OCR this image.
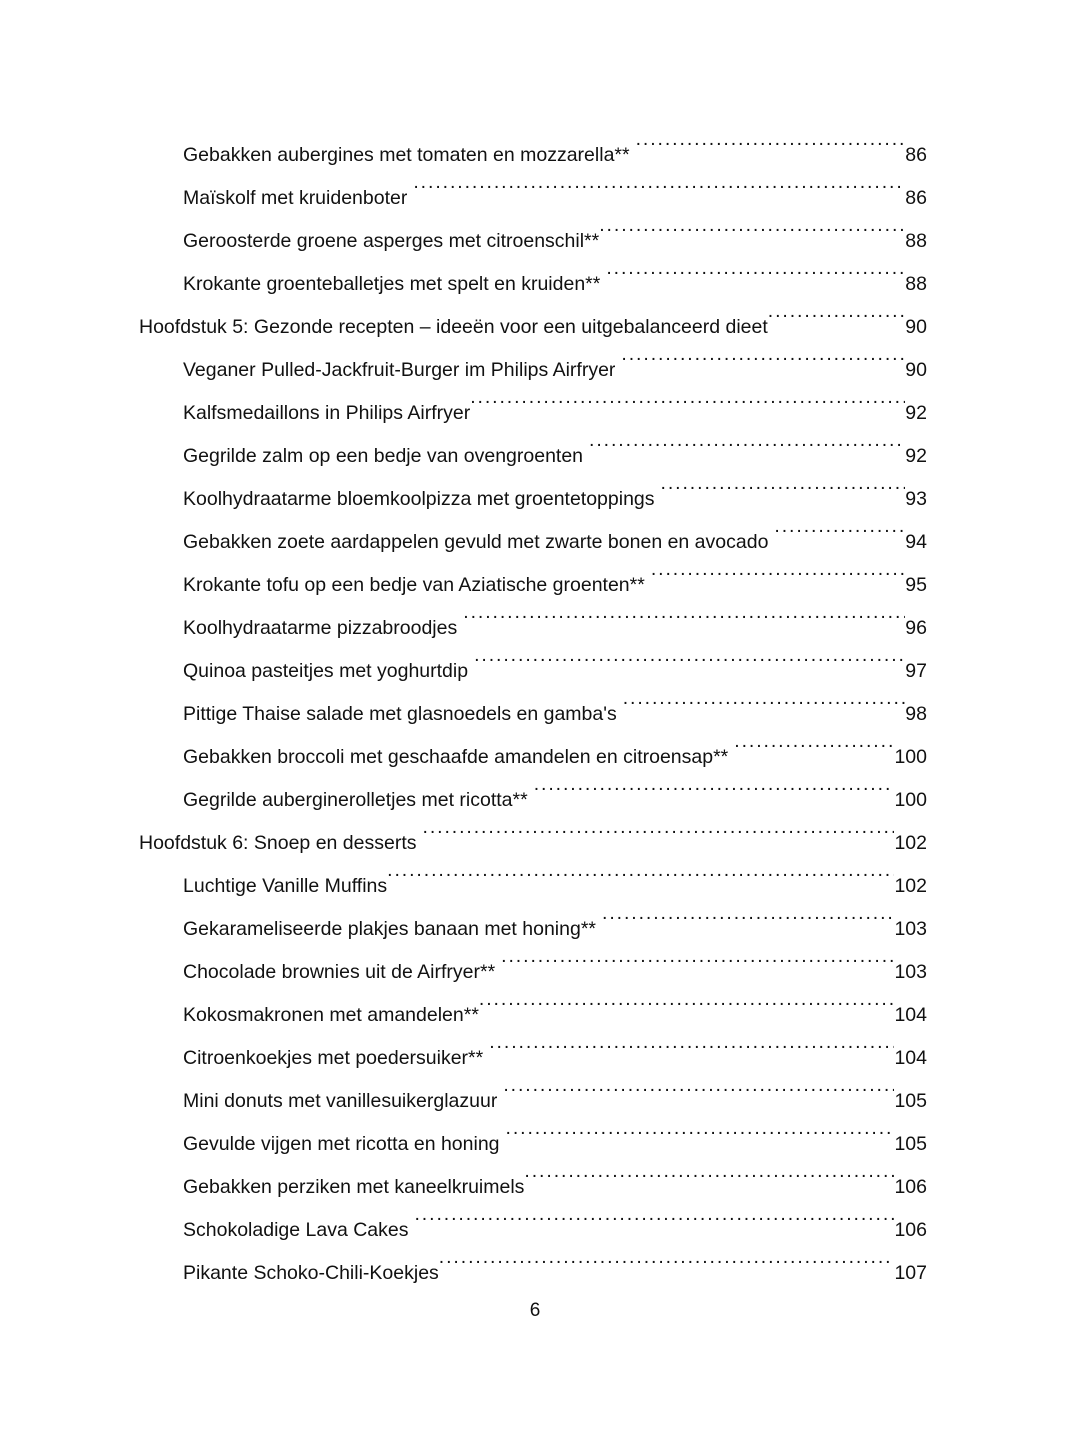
Gebakken aubergines met tomaten en mozzarella** .....	86
Maïskolf met kruidenboter .....	86
Geroosterde groene asperges met citroenschil** .....	88
Krokante groenteballetjes met spelt en kruiden** .....	88
Hoofdstuk 5: Gezonde recepten – ideeën voor een uitgebalanceerd dieet .....	90
Veganer Pulled-Jackfruit-Burger im Philips Airfryer .....	90
Kalfsmedaillons in Philips Airfryer .....	92
Gegrilde zalm op een bedje van ovengroenten .....	92
Koolhydraatarme bloemkoolpizza met groentetoppings .....	93
Gebakken zoete aardappelen gevuld met zwarte bonen en avocado .....	94
Krokante tofu op een bedje van Aziatische groenten** .....	95
Koolhydraatarme pizzabroodjes .....	96
Quinoa pasteitjes met yoghurtdip .....	97
Pittige Thaise salade met glasnoedels en gamba's .....	98
Gebakken broccoli met geschaafde amandelen en citroensap** .....	100
Gegrilde auberginerolletjes met ricotta** .....	100
Hoofdstuk 6: Snoep en desserts .....	102
Luchtige Vanille Muffins .....	102
Gekarameliseerde plakjes banaan met honing** .....	103
Chocolade brownies uit de Airfryer** .....	103
Kokosmakronen met amandelen** .....	104
Citroenkoekjes met poedersuiker** .....	104
Mini donuts met vanillesuikerglazuur .....	105
Gevulde vijgen met ricotta en honing .....	105
Gebakken perziken met kaneelkruimels .....	106
Schokoladige Lava Cakes .....	106
Pikante Schoko-Chili-Koekjes .....	107
6
